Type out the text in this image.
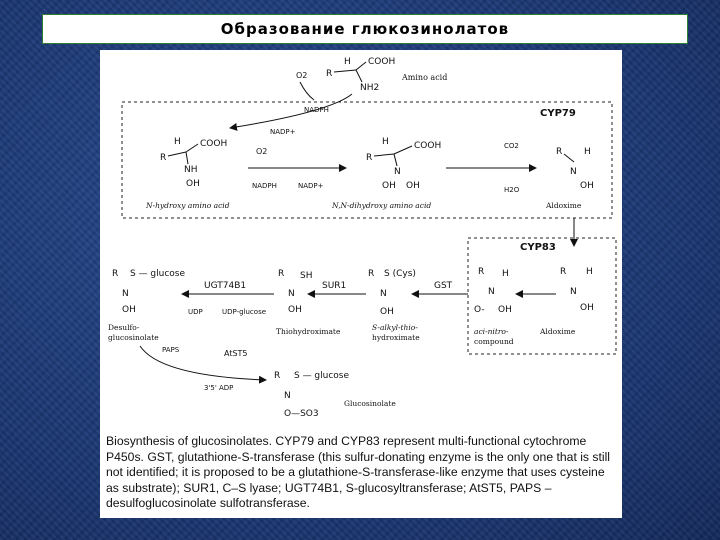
Образование глюкозинолатов
CYP79
CYP83
H
R
COOH
NH2
Amino acid
O2
NADPH
NADP+
H
R
COOH
NH
OH
N-hydroxy amino acid
O2
NADPH	NADP+
H
R
COOH
N
OH OH
N,N-dihydroxy amino acid
CO2
H2O
R H
N
OH
Aldoxime
R H
N
OH
Aldoxime
R H
N
O- OH
aci-nitro-
compound
GST
R S (Cys)
N
OH
S-alkyl-thio-
hydroximate
SUR1
R SH
N
OH
Thiohydroximate
UGT74B1
UDP	UDP-glucose
R S — glucose
N
OH
Desulfo-
glucosinolate
PAPS	AtST5
3'5' ADP
R S — glucose
N
O—SO3
Glucosinolate
Biosynthesis of glucosinolates. CYP79 and CYP83 represent multi-functional cytochrome P450s. GST, glutathione-S-transferase (this sulfur-donating enzyme is the only one that is still not identified; it is proposed to be a glutathione-S-transferase-like enzyme that uses cysteine as substrate); SUR1, C–S lyase; UGT74B1, S-glucosyltransferase; AtST5, PAPS – desulfoglucosinolate sulfotransferase.
